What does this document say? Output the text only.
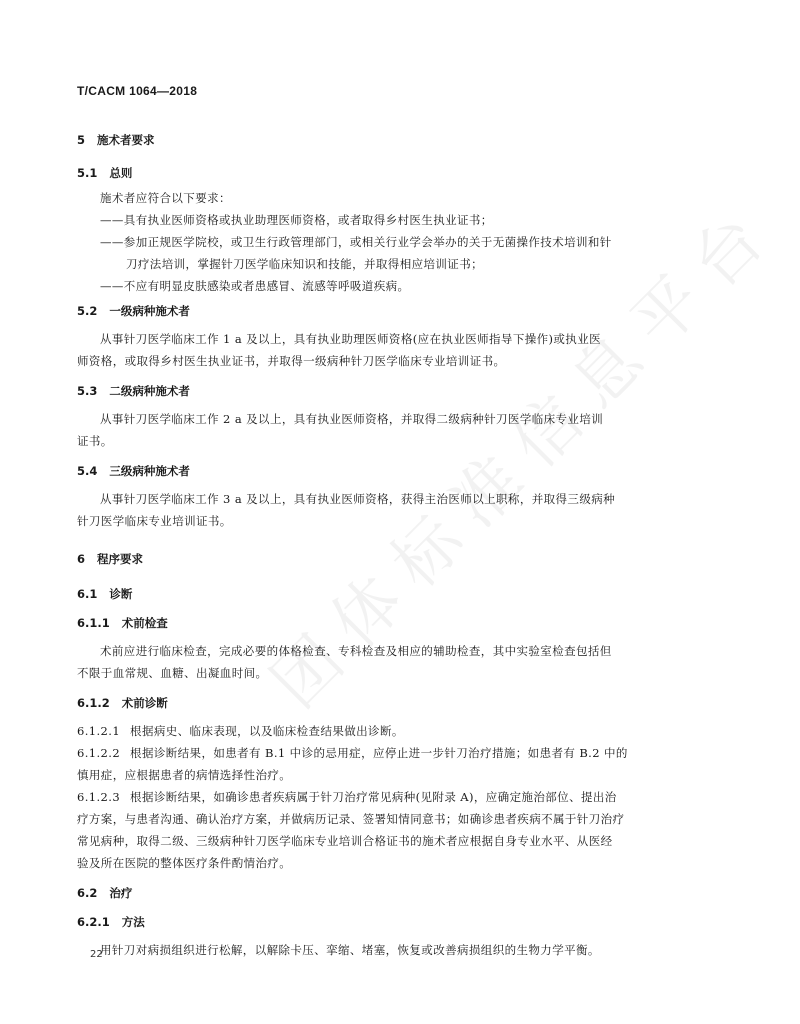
团
体
标
准
信
息
平
台
T/CACM 1064—2018
5 施术者要求
5.1 总则

施术者应符合以下要求：

——具有执业医师资格或执业助理医师资格，或者取得乡村医生执业证书；

——参加正规医学院校，或卫生行政管理部门，或相关行业学会举办的关于无菌操作技术培训和针

刀疗法培训，掌握针刀医学临床知识和技能，并取得相应培训证书；

——不应有明显皮肤感染或者患感冒、流感等呼吸道疾病。

5.2 一级病种施术者

从事针刀医学临床工作 1 a 及以上，具有执业助理医师资格(应在执业医师指导下操作)或执业医

师资格，或取得乡村医生执业证书，并取得一级病种针刀医学临床专业培训证书。

5.3 二级病种施术者

从事针刀医学临床工作 2 a 及以上，具有执业医师资格，并取得二级病种针刀医学临床专业培训

证书。

5.4 三级病种施术者

从事针刀医学临床工作 3 a 及以上，具有执业医师资格，获得主治医师以上职称，并取得三级病种

针刀医学临床专业培训证书。

6 程序要求
6.1 诊断
6.1.1 术前检查

术前应进行临床检查，完成必要的体格检查、专科检查及相应的辅助检查，其中实验室检查包括但

不限于血常规、血糖、出凝血时间。

6.1.2 术前诊断

6.1.2.1 根据病史、临床表现，以及临床检查结果做出诊断。

6.1.2.2 根据诊断结果，如患者有 B.1 中诊的忌用症，应停止进一步针刀治疗措施；如患者有 B.2 中的

慎用症，应根据患者的病情选择性治疗。

6.1.2.3 根据诊断结果，如确诊患者疾病属于针刀治疗常见病种(见附录 A)，应确定施治部位、提出治

疗方案，与患者沟通、确认治疗方案，并做病历记录、签署知情同意书；如确诊患者疾病不属于针刀治疗

常见病种，取得二级、三级病种针刀医学临床专业培训合格证书的施术者应根据自身专业水平、从医经

验及所在医院的整体医疗条件酌情治疗。

6.2 治疗
6.2.1 方法

用针刀对病损组织进行松解，以解除卡压、挛缩、堵塞，恢复或改善病损组织的生物力学平衡。

22
